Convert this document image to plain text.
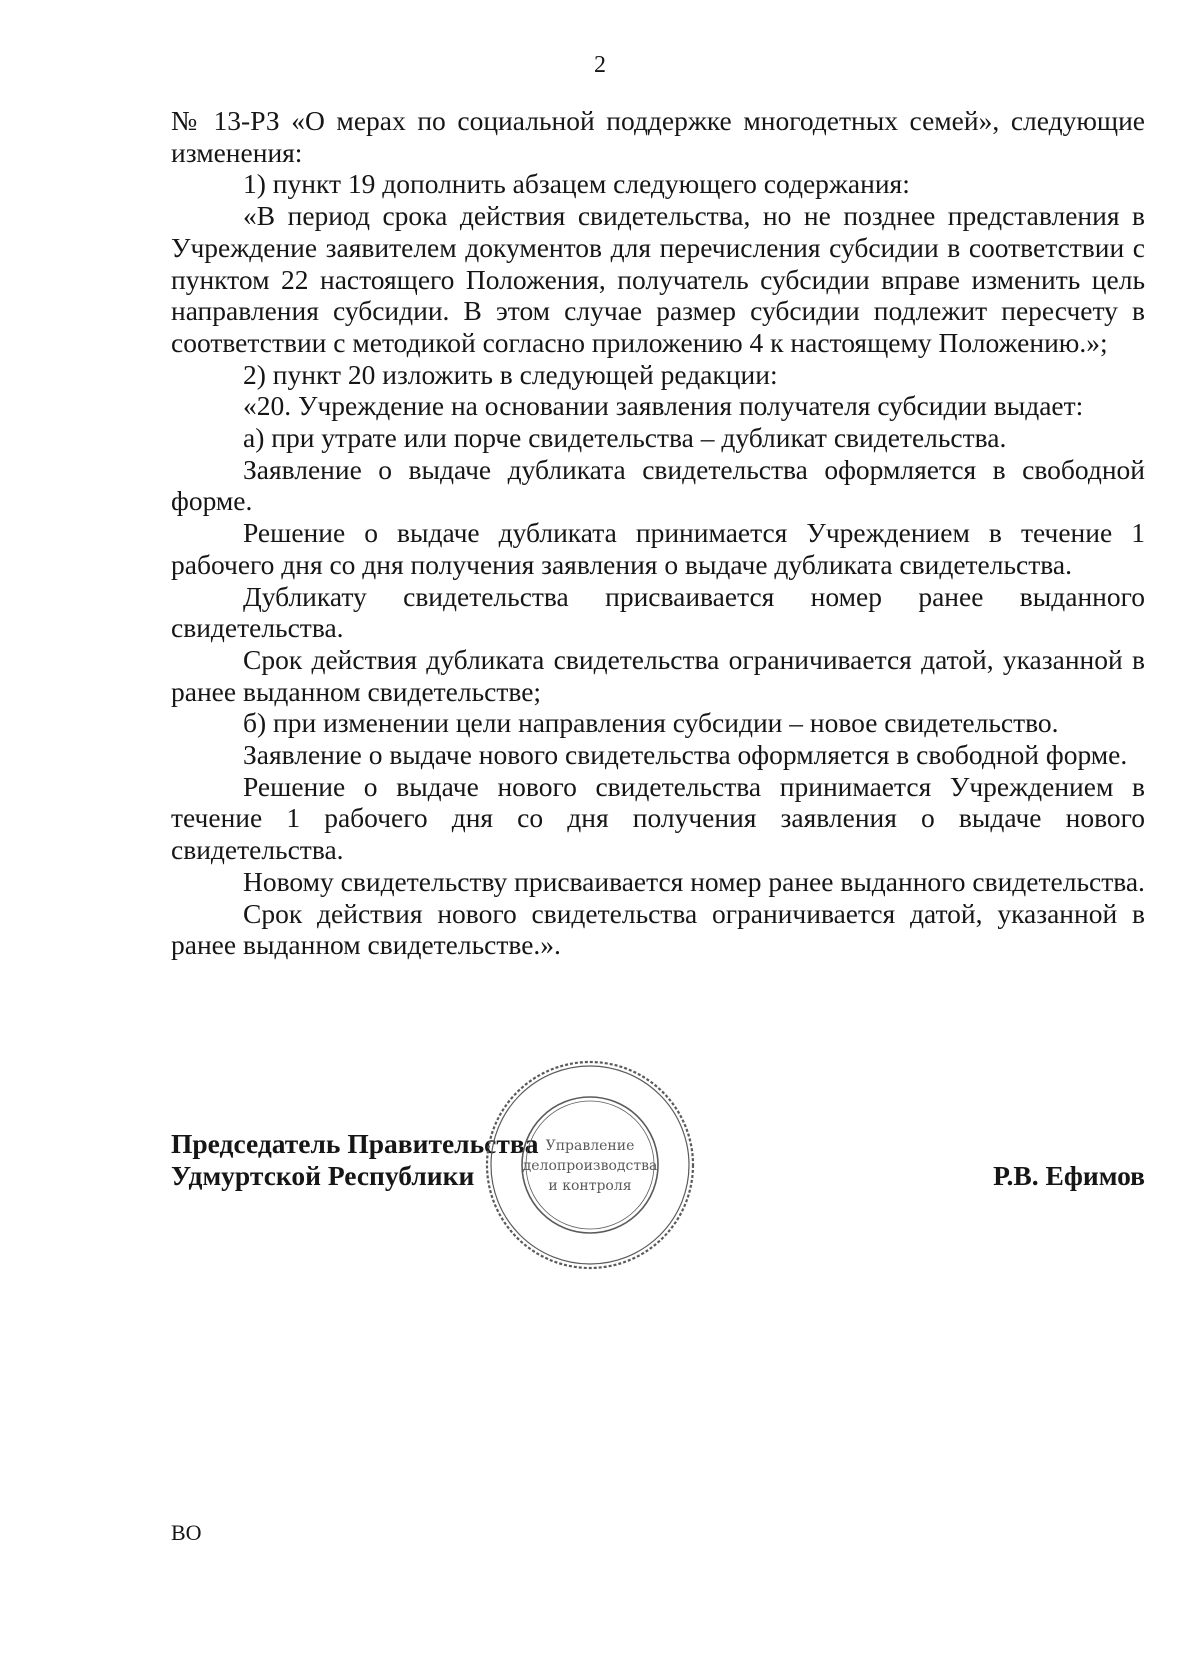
2

№ 13-РЗ «О мерах по социальной поддержке многодетных семей», следующие изменения:

1) пункт 19 дополнить абзацем следующего содержания:

«В период срока действия свидетельства, но не позднее представления в Учреждение заявителем документов для перечисления субсидии в соответствии с пунктом 22 настоящего Положения, получатель субсидии вправе изменить цель направления субсидии. В этом случае размер субсидии подлежит пересчету в соответствии с методикой согласно приложению 4 к настоящему Положению.»;

2) пункт 20 изложить в следующей редакции:

«20. Учреждение на основании заявления получателя субсидии выдает:

а) при утрате или порче свидетельства – дубликат свидетельства.

Заявление о выдаче дубликата свидетельства оформляется в свободной форме.

Решение о выдаче дубликата принимается Учреждением в течение 1 рабочего дня со дня получения заявления о выдаче дубликата свидетельства.

Дубликату свидетельства присваивается номер ранее выданного свидетельства.

Срок действия дубликата свидетельства ограничивается датой, указанной в ранее выданном свидетельстве;

б) при изменении цели направления субсидии – новое свидетельство.

Заявление о выдаче нового свидетельства оформляется в свободной форме.

Решение о выдаче нового свидетельства принимается Учреждением в течение 1 рабочего дня со дня получения заявления о выдаче нового свидетельства.

Новому свидетельству присваивается номер ранее выданного свидетельства.

Срок действия нового свидетельства ограничивается датой, указанной в ранее выданном свидетельстве.».

Председатель Правительства
Удмуртской Республики	Р.В. Ефимов
Управление
делопроизводства
и контроля
ВО
